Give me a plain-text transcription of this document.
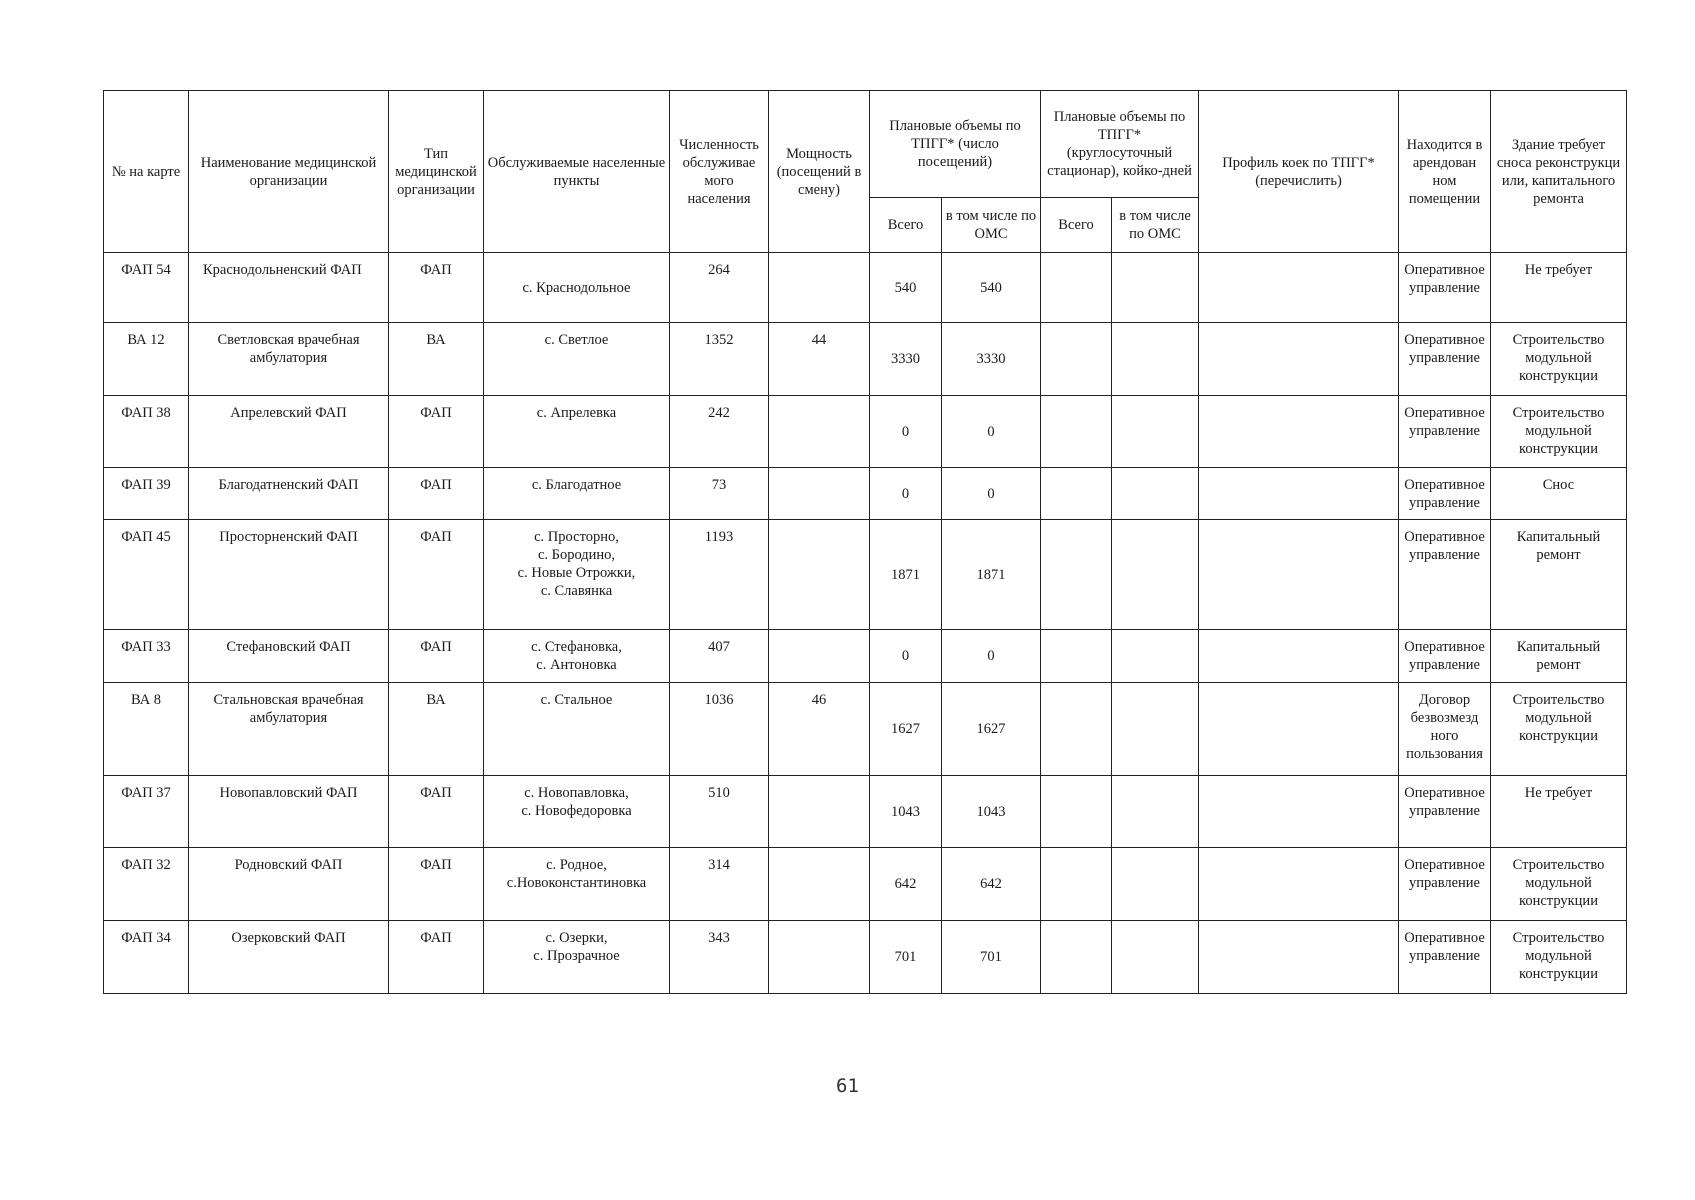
№ на карте	Наименование медицинской организации	Тип медицинской организации	Обслуживаемые населенные пункты	Численность обслуживае мого населения	Мощность (посещений в смену)	Плановые объемы по ТПГГ* (число посещений)		Плановые объемы по ТПГГ* (круглосуточный стационар), койко-дней		Профиль коек по ТПГГ* (перечислить)	Находится в арендован ном помещении	Здание требует сноса реконструкци или, капитального ремонта
						Всего	в том числе по ОМС	Всего	в том числе по ОМС			
ФАП 54	Краснодольненский ФАП	ФАП	с. Краснодольное	264		540	540				Оперативное управление	Не требует
ВА 12	Светловская врачебная амбулатория	ВА	с. Светлое	1352	44	3330	3330				Оперативное управление	Строительство модульной конструкции
ФАП 38	Апрелевский ФАП	ФАП	с. Апрелевка	242		0	0				Оперативное управление	Строительство модульной конструкции
ФАП 39	Благодатненский ФАП	ФАП	с. Благодатное	73		0	0				Оперативное управление	Снос
ФАП 45	Просторненский ФАП	ФАП	с. Просторно,
с. Бородино,
с. Новые Отрожки,
с. Славянка	1193		1871	1871				Оперативное управление	Капитальный ремонт
ФАП 33	Стефановский ФАП	ФАП	с. Стефановка,
с. Антоновка	407		0	0				Оперативное управление	Капитальный ремонт
ВА 8	Стальновская врачебная амбулатория	ВА	с. Стальное	1036	46	1627	1627				Договор безвозмезд ного пользования	Строительство модульной конструкции
ФАП 37	Новопавловский ФАП	ФАП	с. Новопавловка,
с. Новофедоровка	510		1043	1043				Оперативное управление	Не требует
ФАП 32	Родновский ФАП	ФАП	с. Родное,
с.Новоконстантиновка	314		642	642				Оперативное управление	Строительство модульной конструкции
ФАП 34	Озерковский ФАП	ФАП	с. Озерки,
с. Прозрачное	343		701	701				Оперативное управление	Строительство модульной конструкции
61
